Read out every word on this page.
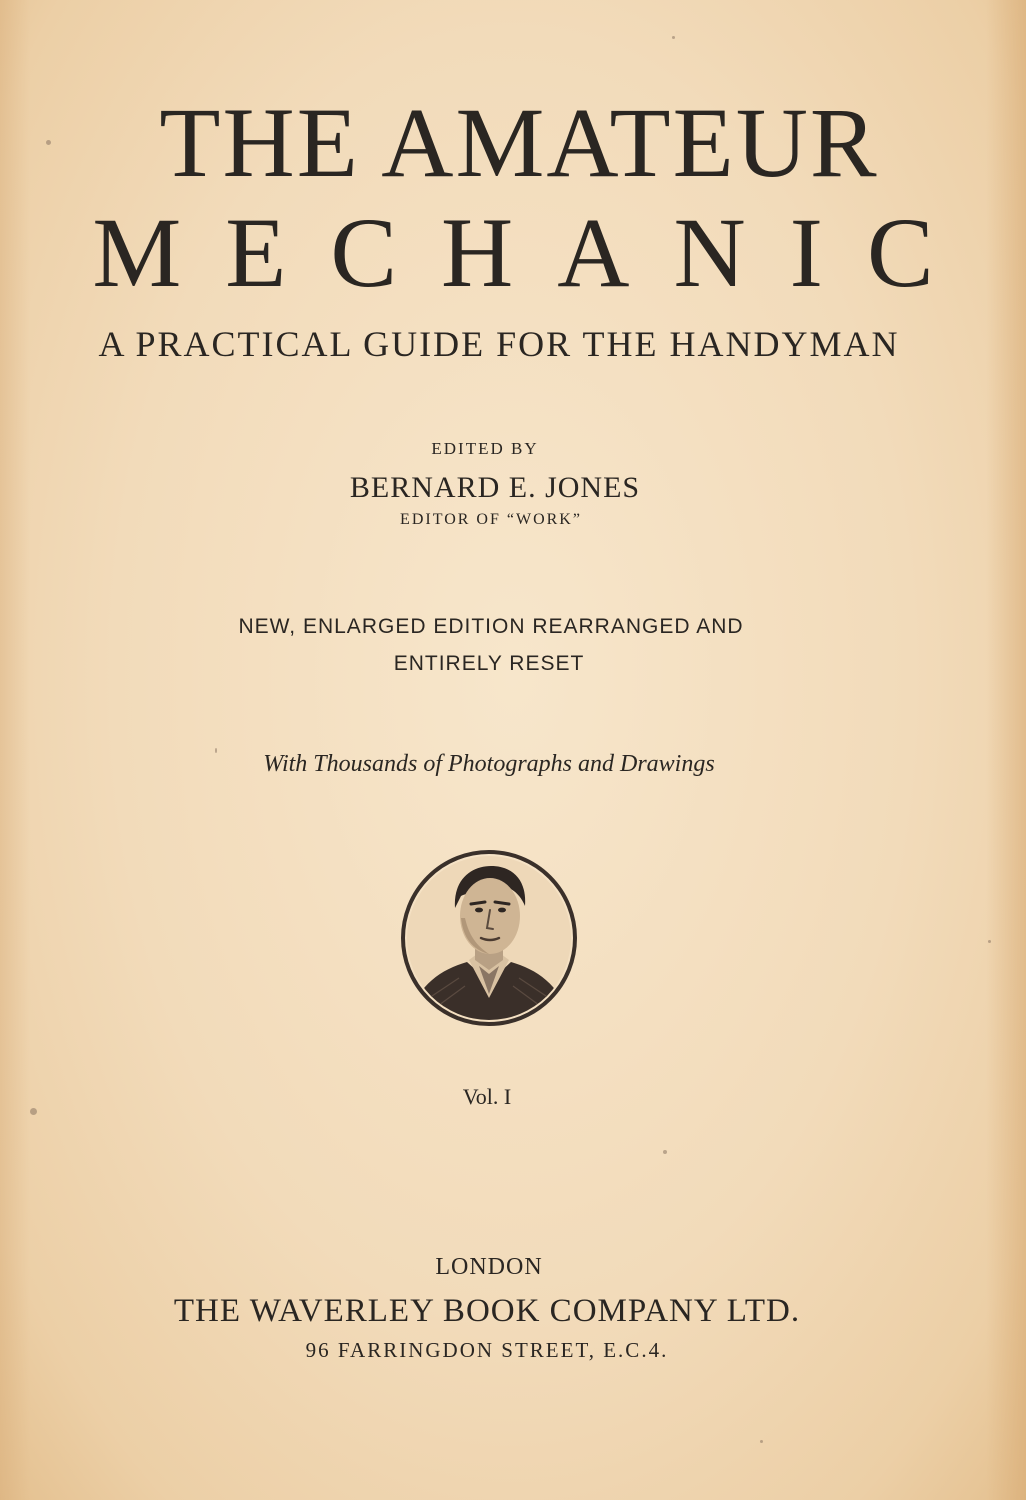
THE AMATEUR
MECHANIC
A PRACTICAL GUIDE FOR THE HANDYMAN
EDITED BY
BERNARD E. JONES
EDITOR OF “WORK”
NEW, ENLARGED EDITION REARRANGED AND
ENTIRELY RESET
With Thousands of Photographs and Drawings
Vol. I
LONDON
THE WAVERLEY BOOK COMPANY LTD.
96 FARRINGDON STREET, E.C.4.
